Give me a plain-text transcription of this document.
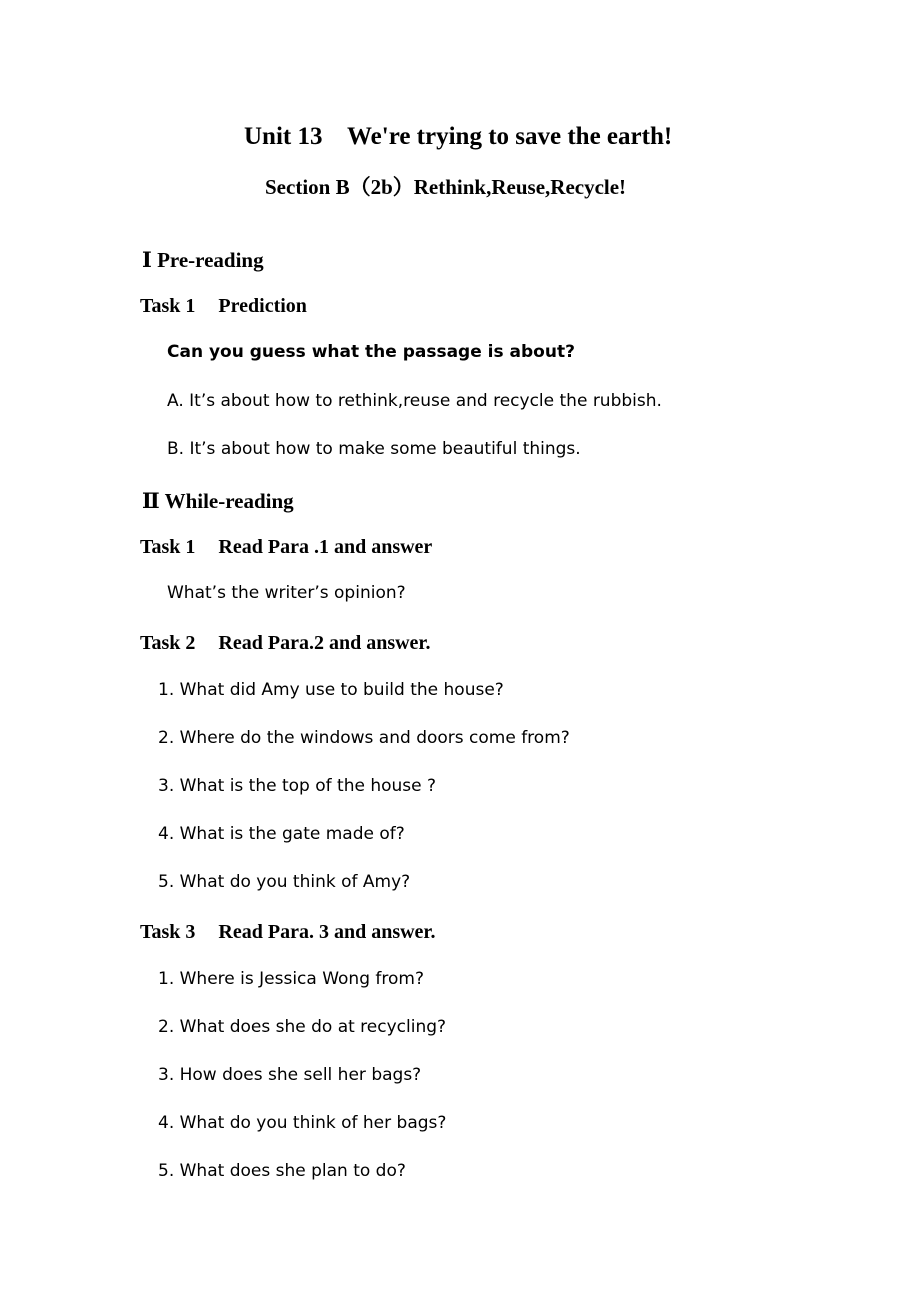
Unit 13    We're trying to save the earth!
Section B（2b）Rethink,Reuse,Recycle!
Ⅰ Pre-reading
Task 1 Prediction
Can you guess what the passage is about?
A. It’s about how to rethink,reuse and recycle the rubbish.
B. It’s about how to make some beautiful things.
Ⅱ While-reading
Task 1 Read Para .1 and answer
What’s the writer’s opinion?
Task 2 Read Para.2 and answer.
1. What did Amy use to build the house?
2. Where do the windows and doors come from?
3. What is the top of the house ?
4. What is the gate made of?
5. What do you think of Amy?
Task 3 Read Para. 3 and answer.
1. Where is Jessica Wong from?
2. What does she do at recycling?
3. How does she sell her bags?
4. What do you think of her bags?
5. What does she plan to do?
